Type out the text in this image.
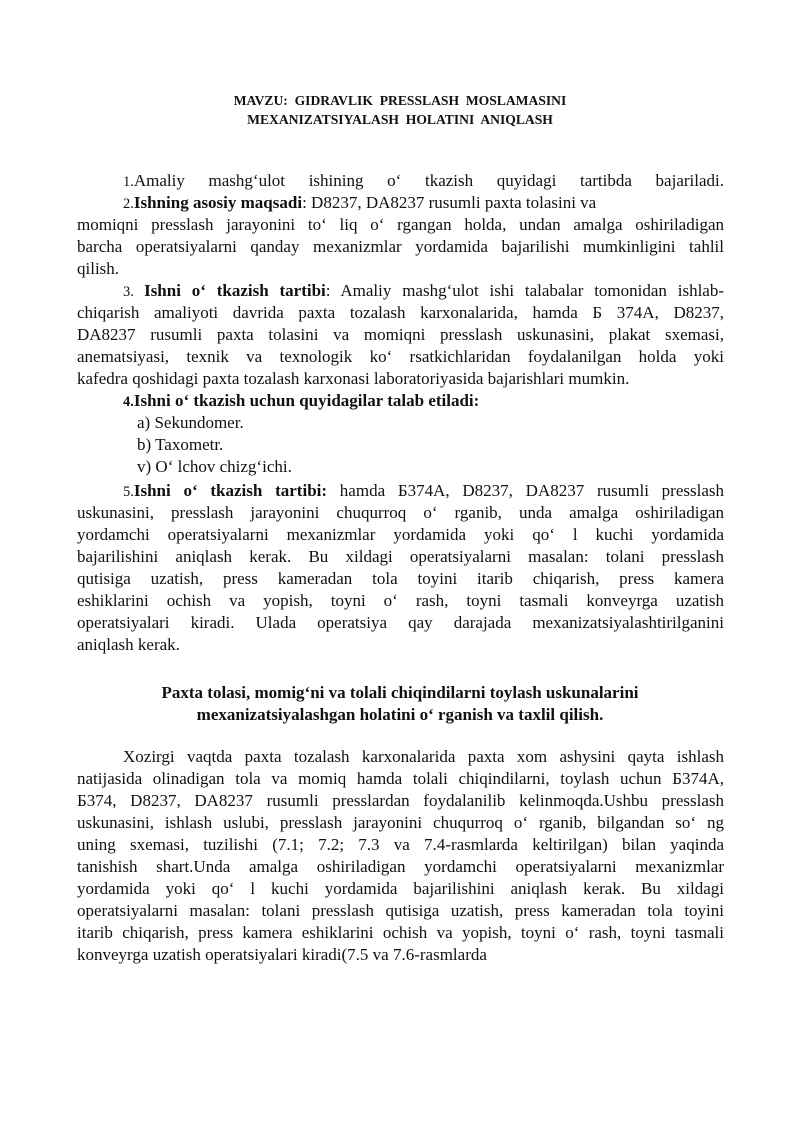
MAVZU:  GIDRAVLIK  PRESSLASH  MOSLAMASINI
MEXANIZATSIYALASH  HOLATINI  ANIQLASH
1.Amaliy mashg‘ulot ishining o‘ tkazish quyidagi tartibda bajariladi.
2.Ishning asosiy maqsadi: D8237, DA8237 rusumli paxta tolasini va
momiqni presslash jarayonini to‘ liq o‘ rgangan holda, undan amalga oshiriladigan
barcha operatsiyalarni qanday mexanizmlar yordamida bajarilishi mumkinligini tahlil
qilish.
3. Ishni o‘ tkazish tartibi: Amaliy mashg‘ulot ishi talabalar tomonidan ishlab-
chiqarish amaliyoti davrida paxta tozalash karxonalarida, hamda Б 374A, D8237,
DA8237 rusumli paxta tolasini va momiqni presslash uskunasini, plakat sxemasi,
anematsiyasi, texnik va texnologik ko‘ rsatkichlaridan foydalanilgan holda yoki
kafedra qoshidagi paxta tozalash karxonasi laboratoriyasida bajarishlari mumkin.
4.Ishni o‘ tkazish uchun quyidagilar talab etiladi:
a) Sekundomer.
b) Taxometr.
v) O‘ lchov chizg‘ichi.
5.Ishni o‘ tkazish tartibi: hamda Б374A, D8237, DA8237 rusumli presslash
uskunasini, presslash jarayonini chuqurroq o‘ rganib, unda amalga oshiriladigan
yordamchi operatsiyalarni mexanizmlar yordamida yoki qo‘ l kuchi yordamida
bajarilishini aniqlash kerak. Bu xildagi operatsiyalarni masalan: tolani presslash
qutisiga uzatish, press kameradan tola toyini itarib chiqarish, press kamera
eshiklarini ochish va yopish, toyni o‘ rash, toyni tasmali konveyrga uzatish
operatsiyalari kiradi. Ulada operatsiya qay darajada mexanizatsiyalashtirilganini
aniqlash kerak.
Paxta tolasi, momig‘ni va tolali chiqindilarni toylash uskunalarini
mexanizatsiyalashgan holatini o‘ rganish va taxlil qilish.
Xozirgi vaqtda paxta tozalash karxonalarida paxta xom ashysini qayta ishlash
natijasida olinadigan tola va momiq hamda tolali chiqindilarni, toylash uchun Б374A,
Б374, D8237, DA8237 rusumli presslardan foydalanilib kelinmoqda.Ushbu presslash
uskunasini, ishlash uslubi, presslash jarayonini chuqurroq o‘ rganib, bilgandan so‘ ng
uning sxemasi, tuzilishi (7.1; 7.2; 7.3 va 7.4-rasmlarda keltirilgan) bilan yaqinda
tanishish shart.Unda amalga oshiriladigan yordamchi operatsiyalarni mexanizmlar
yordamida yoki qo‘ l kuchi yordamida bajarilishini aniqlash kerak. Bu xildagi
operatsiyalarni masalan: tolani presslash qutisiga uzatish, press kameradan tola toyini
itarib chiqarish, press kamera eshiklarini ochish va yopish, toyni o‘ rash, toyni tasmali
konveyrga uzatish operatsiyalari kiradi(7.5 va 7.6-rasmlarda
